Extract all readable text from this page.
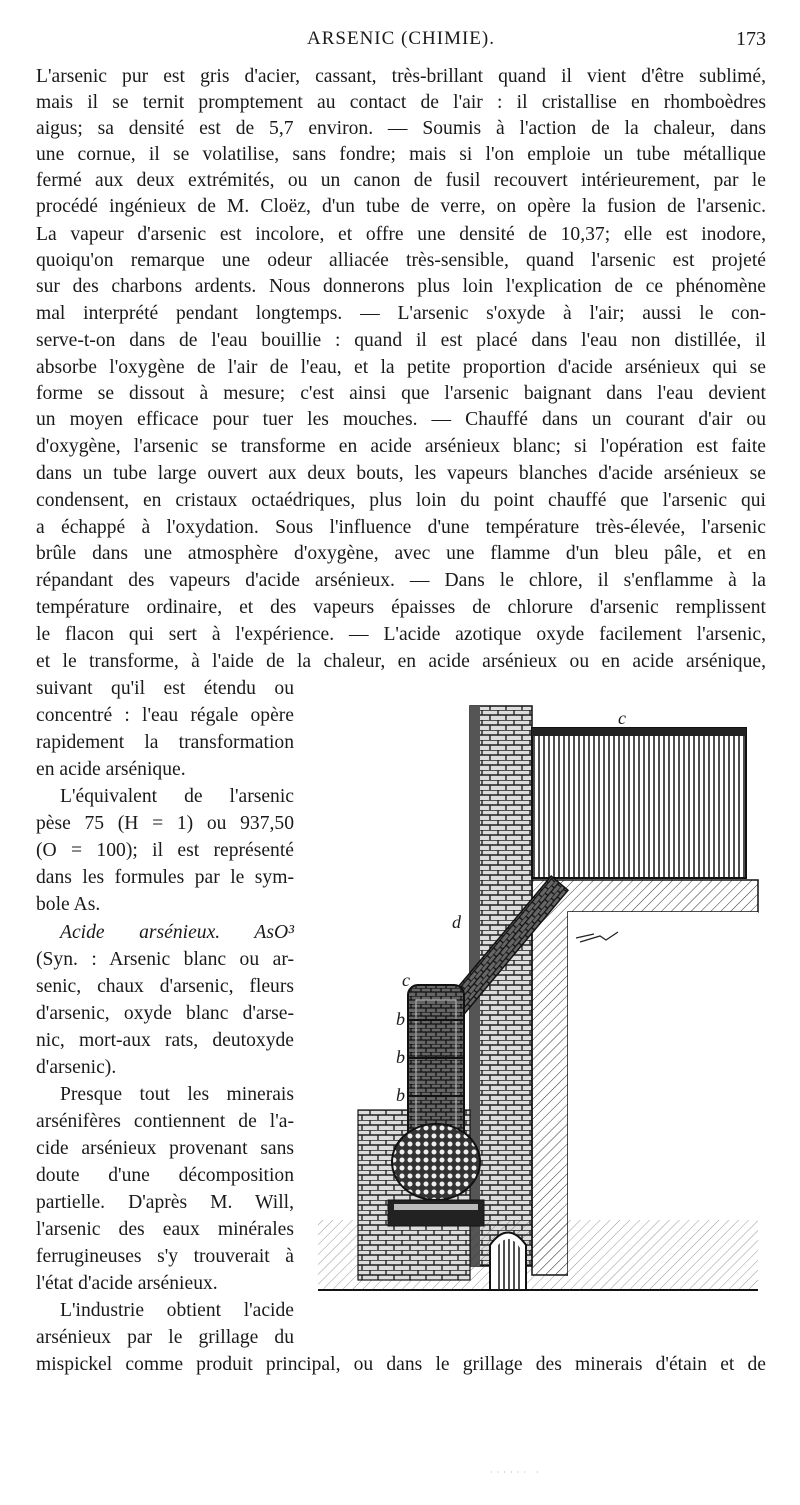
ARSENIC (CHIMIE).	173
L'arsenic pur est gris d'acier, cassant, très-brillant quand il vient d'être sublimé,
mais il se ternit promptement au contact de l'air : il cristallise en rhomboèdres
aigus; sa densité est de 5,7 environ. — Soumis à l'action de la chaleur, dans
une cornue, il se volatilise, sans fondre; mais si l'on emploie un tube métallique
fermé aux deux extrémités, ou un canon de fusil recouvert intérieurement, par le
procédé ingénieux de M. Cloëz, d'un tube de verre, on opère la fusion de l'arsenic.
La vapeur d'arsenic est incolore, et offre une densité de 10,37; elle est inodore,
quoiqu'on remarque une odeur alliacée très-sensible, quand l'arsenic est projeté
sur des charbons ardents. Nous donnerons plus loin l'explication de ce phénomène
mal interprété pendant longtemps. — L'arsenic s'oxyde à l'air; aussi le con-
serve-t-on dans de l'eau bouillie : quand il est placé dans l'eau non distillée, il
absorbe l'oxygène de l'air de l'eau, et la petite proportion d'acide arsénieux qui se
forme se dissout à mesure; c'est ainsi que l'arsenic baignant dans l'eau devient
un moyen efficace pour tuer les mouches. — Chauffé dans un courant d'air ou
d'oxygène, l'arsenic se transforme en acide arsénieux blanc; si l'opération est faite
dans un tube large ouvert aux deux bouts, les vapeurs blanches d'acide arsénieux se
condensent, en cristaux octaédriques, plus loin du point chauffé que l'arsenic qui
a échappé à l'oxydation. Sous l'influence d'une température très-élevée, l'arsenic
brûle dans une atmosphère d'oxygène, avec une flamme d'un bleu pâle, et en
répandant des vapeurs d'acide arsénieux. — Dans le chlore, il s'enflamme à la
température ordinaire, et des vapeurs épaisses de chlorure d'arsenic remplissent
le flacon qui sert à l'expérience. — L'acide azotique oxyde facilement l'arsenic,
et le transforme, à l'aide de la chaleur, en acide arsénieux ou en acide arsénique,
suivant qu'il est étendu ou
concentré : l'eau régale opère
rapidement la transformation
en acide arsénique.
L'équivalent de l'arsenic
pèse 75 (H = 1) ou 937,50
(O = 100); il est représenté
dans les formules par le sym-
bole As.
Acide arsénieux. AsO³
(Syn. : Arsenic blanc ou ar-
senic, chaux d'arsenic, fleurs
d'arsenic, oxyde blanc d'arse-
nic, mort-aux rats, deutoxyde
d'arsenic).
Presque tout les minerais
arsénifères contiennent de l'a-
cide arsénieux provenant sans
doute d'une décomposition
partielle. D'après M. Will,
l'arsenic des eaux minérales
ferrugineuses s'y trouverait à
l'état d'acide arsénieux.
L'industrie obtient l'acide
arsénieux par le grillage du
mispickel comme produit principal, ou dans le grillage des minerais d'étain et de
c
d
c
b
b
b
· · · · · ·   ·
